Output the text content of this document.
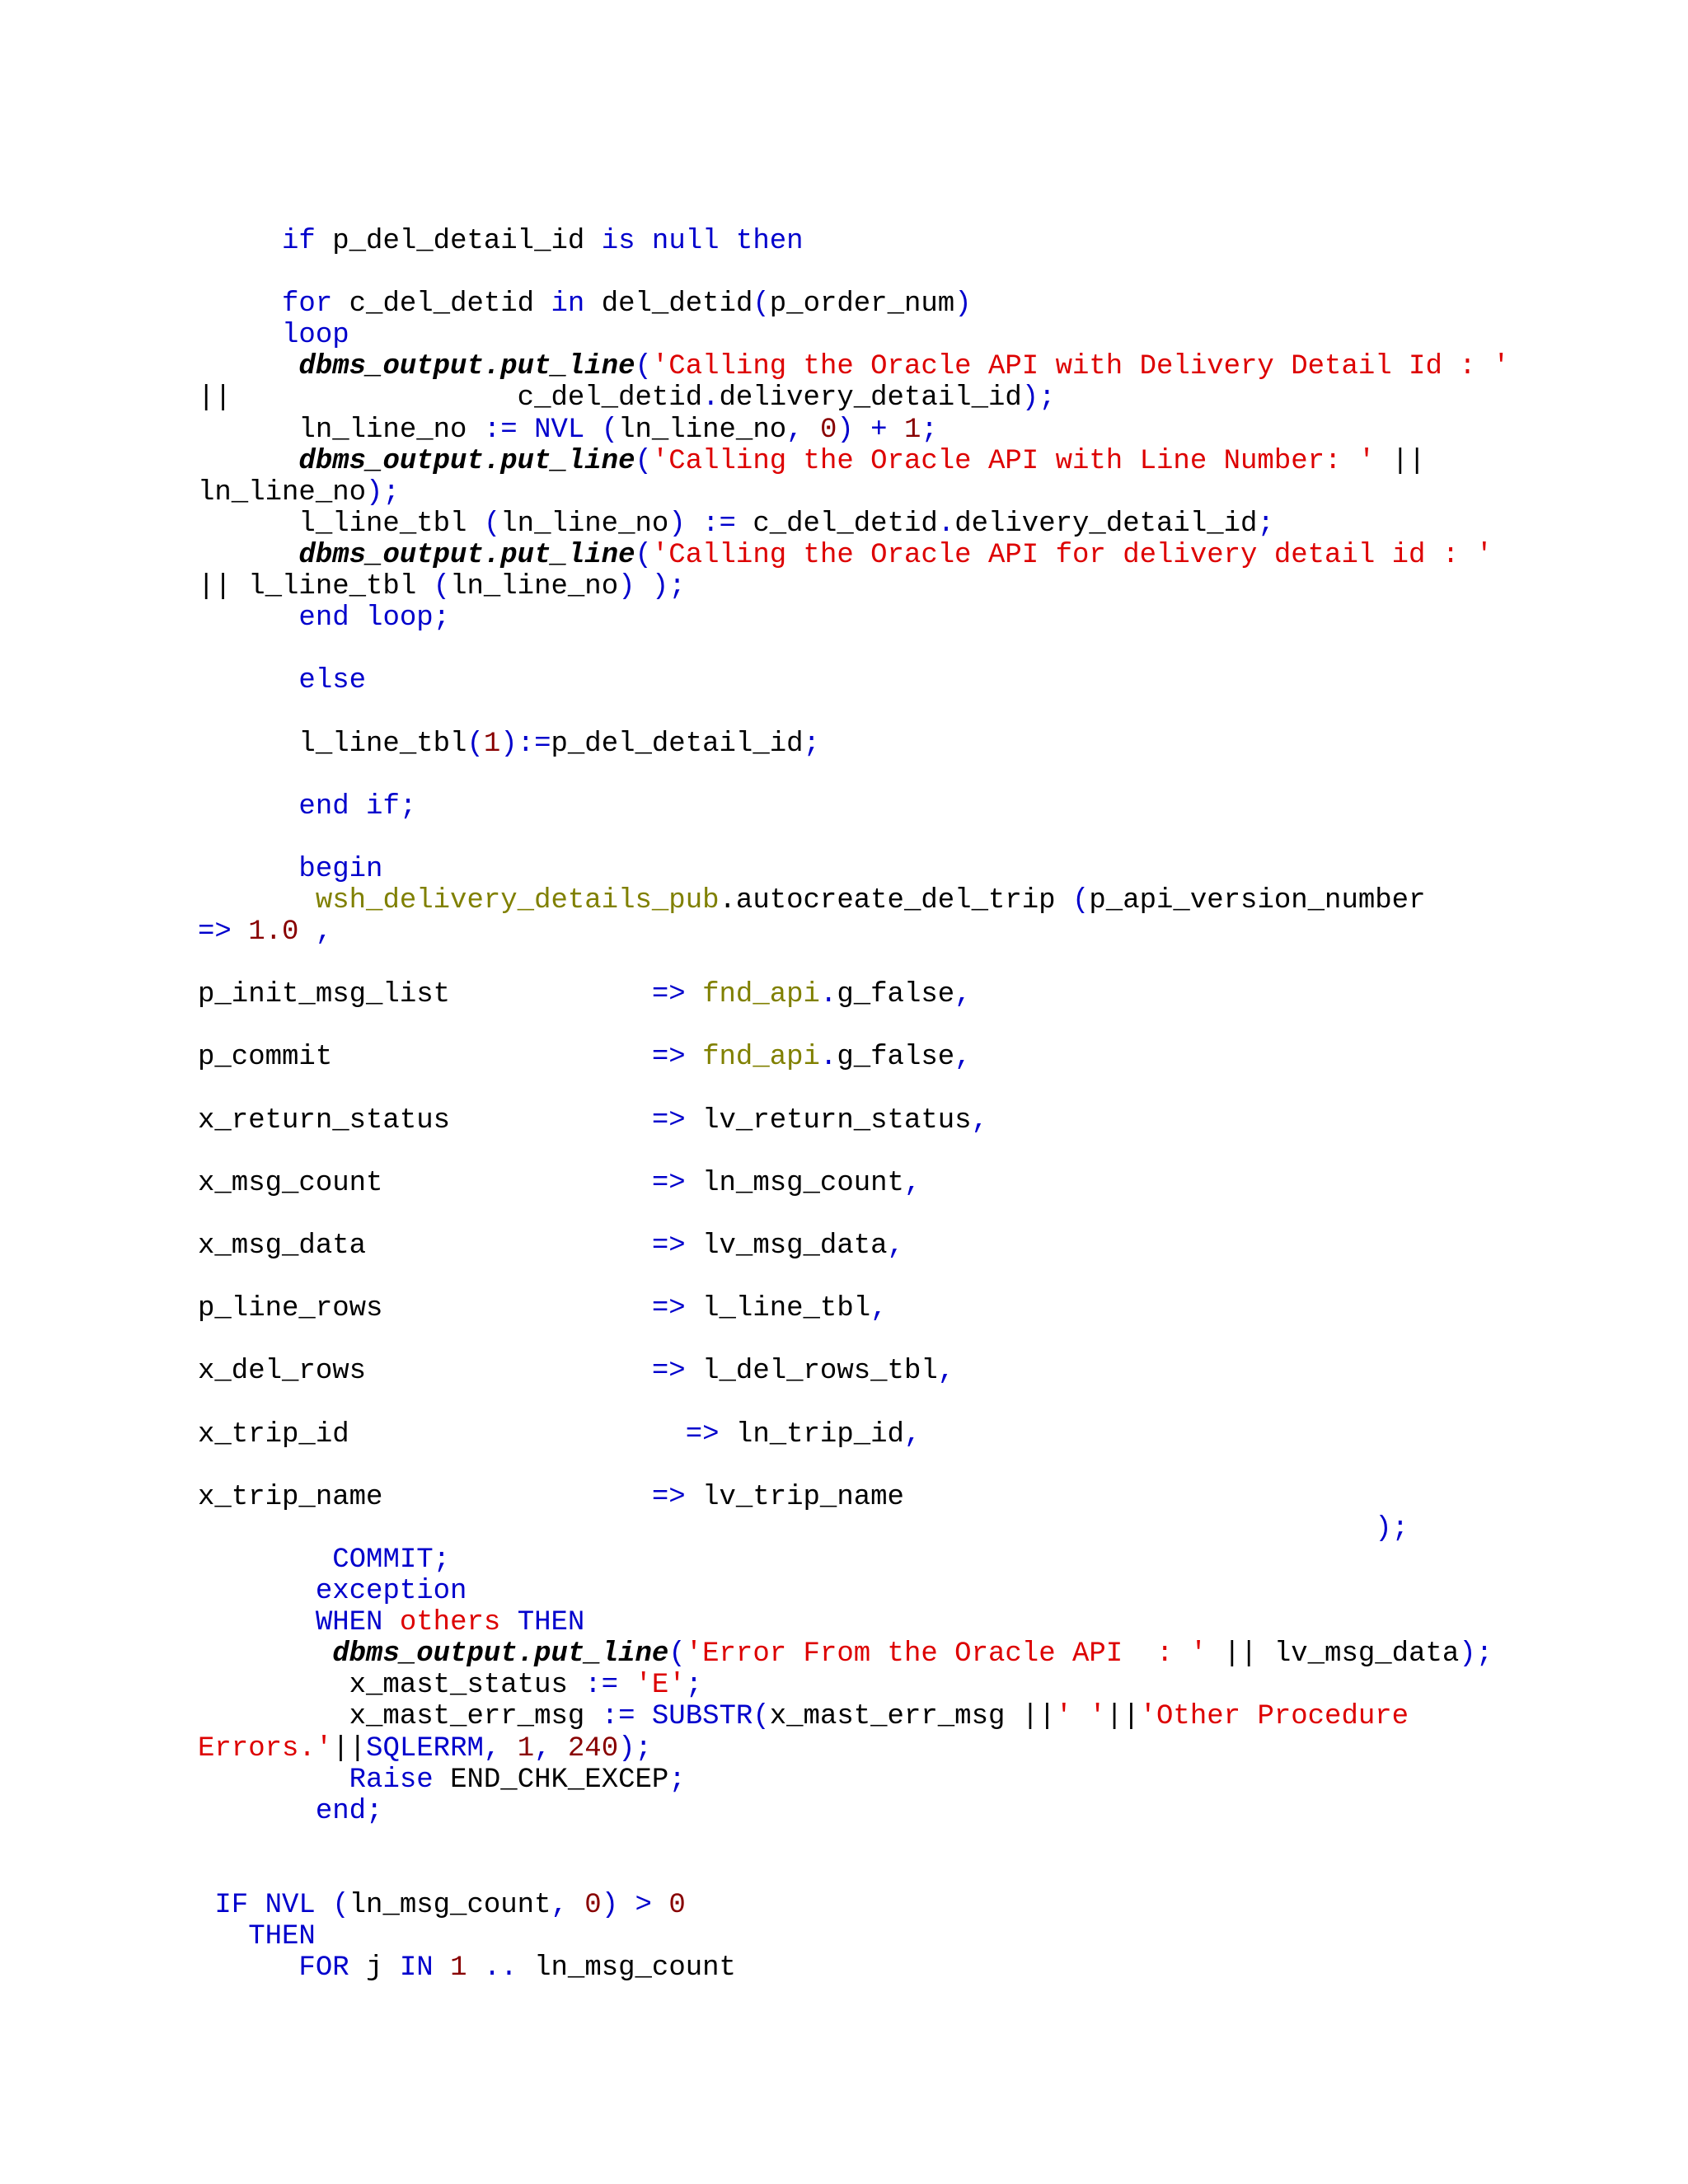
if p_del_detail_id is null then

for c_del_detid in del_detid(p_order_num)
loop
dbms_output.put_line('Calling the Oracle API with Delivery Detail Id : '
||                 c_del_detid.delivery_detail_id);
ln_line_no := NVL (ln_line_no, 0) + 1;
dbms_output.put_line('Calling the Oracle API with Line Number: ' ||
ln_line_no);
l_line_tbl (ln_line_no) := c_del_detid.delivery_detail_id;
dbms_output.put_line('Calling the Oracle API for delivery detail id : '
|| l_line_tbl (ln_line_no) );
end loop;

else

l_line_tbl(1):=p_del_detail_id;

end if;

begin
wsh_delivery_details_pub.autocreate_del_trip (p_api_version_number
=> 1.0 ,

p_init_msg_list            => fnd_api.g_false,

p_commit                   => fnd_api.g_false,

x_return_status            => lv_return_status,

x_msg_count                => ln_msg_count,

x_msg_data                 => lv_msg_data,

p_line_rows                => l_line_tbl,

x_del_rows                 => l_del_rows_tbl,

x_trip_id                    => ln_trip_id,

x_trip_name                => lv_trip_name
);
COMMIT;
exception
WHEN others THEN
dbms_output.put_line('Error From the Oracle API  : ' || lv_msg_data);
x_mast_status := 'E';
x_mast_err_msg := SUBSTR(x_mast_err_msg ||' '||'Other Procedure
Errors.'||SQLERRM, 1, 240);
Raise END_CHK_EXCEP;
end;

IF NVL (ln_msg_count, 0) > 0
THEN
FOR j IN 1 .. ln_msg_count
